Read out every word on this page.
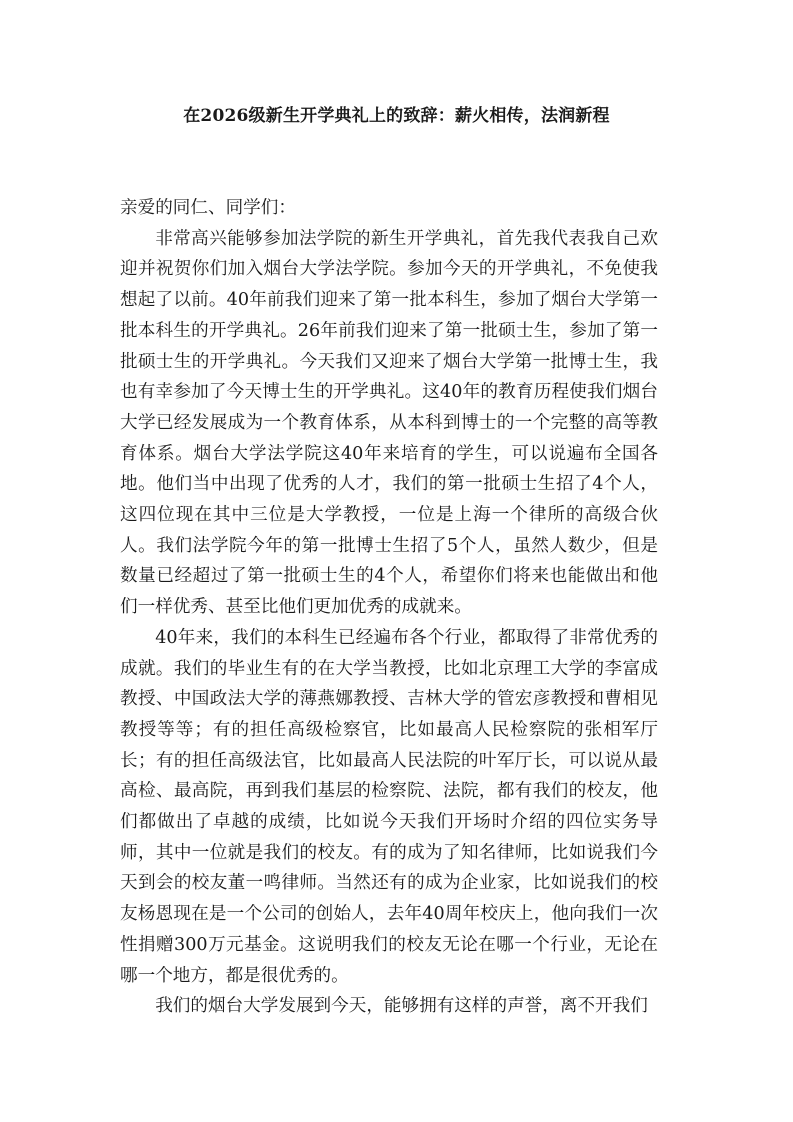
在2026级新生开学典礼上的致辞：薪火相传，法润新程

亲爱的同仁、同学们：

非常高兴能够参加法学院的新生开学典礼，首先我代表我自己欢迎并祝贺你们加入烟台大学法学院。参加今天的开学典礼，不免使我想起了以前。40年前我们迎来了第一批本科生，参加了烟台大学第一批本科生的开学典礼。26年前我们迎来了第一批硕士生，参加了第一批硕士生的开学典礼。今天我们又迎来了烟台大学第一批博士生，我也有幸参加了今天博士生的开学典礼。这40年的教育历程使我们烟台大学已经发展成为一个教育体系，从本科到博士的一个完整的高等教育体系。烟台大学法学院这40年来培育的学生，可以说遍布全国各地。他们当中出现了优秀的人才，我们的第一批硕士生招了4个人，这四位现在其中三位是大学教授，一位是上海一个律所的高级合伙人。我们法学院今年的第一批博士生招了5个人，虽然人数少，但是数量已经超过了第一批硕士生的4个人，希望你们将来也能做出和他们一样优秀、甚至比他们更加优秀的成就来。

40年来，我们的本科生已经遍布各个行业，都取得了非常优秀的成就。我们的毕业生有的在大学当教授，比如北京理工大学的李富成教授、中国政法大学的薄燕娜教授、吉林大学的管宏彦教授和曹相见教授等等；有的担任高级检察官，比如最高人民检察院的张相军厅长；有的担任高级法官，比如最高人民法院的叶军厅长，可以说从最高检、最高院，再到我们基层的检察院、法院，都有我们的校友，他们都做出了卓越的成绩，比如说今天我们开场时介绍的四位实务导师，其中一位就是我们的校友。有的成为了知名律师，比如说我们今天到会的校友董一鸣律师。当然还有的成为企业家，比如说我们的校友杨恩现在是一个公司的创始人，去年40周年校庆上，他向我们一次性捐赠300万元基金。这说明我们的校友无论在哪一个行业，无论在哪一个地方，都是很优秀的。

我们的烟台大学发展到今天，能够拥有这样的声誉，离不开我们
